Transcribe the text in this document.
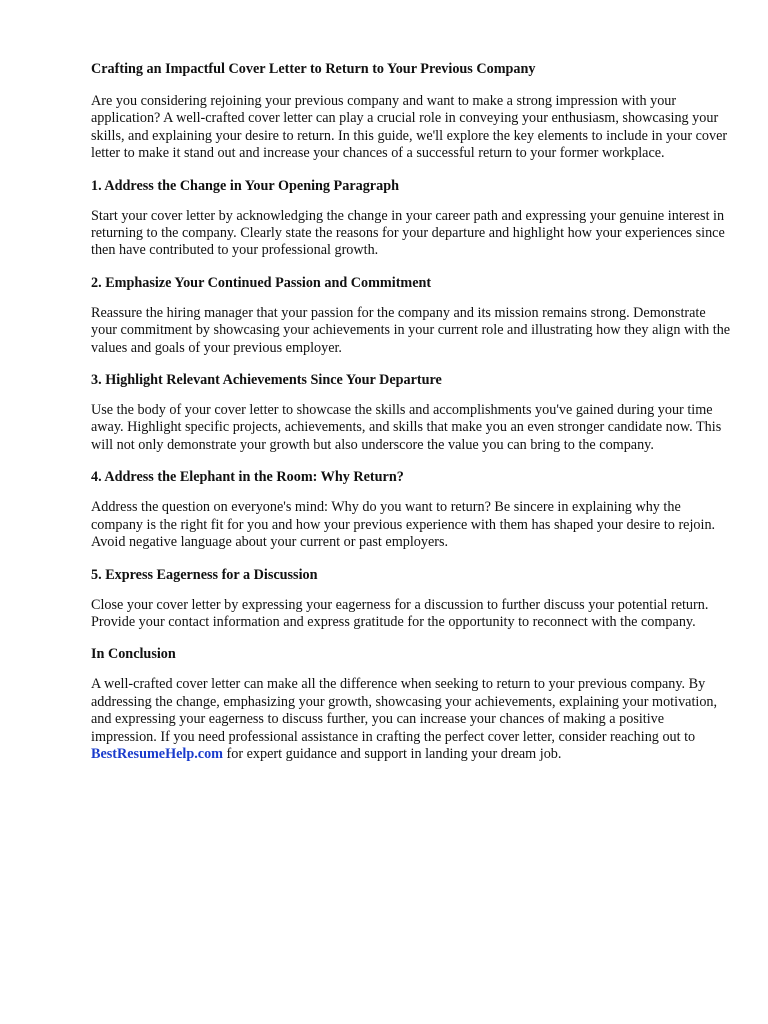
Crafting an Impactful Cover Letter to Return to Your Previous Company

Are you considering rejoining your previous company and want to make a strong impression with your application? A well-crafted cover letter can play a crucial role in conveying your enthusiasm, showcasing your skills, and explaining your desire to return. In this guide, we'll explore the key elements to include in your cover letter to make it stand out and increase your chances of a successful return to your former workplace.

1. Address the Change in Your Opening Paragraph

Start your cover letter by acknowledging the change in your career path and expressing your genuine interest in returning to the company. Clearly state the reasons for your departure and highlight how your experiences since then have contributed to your professional growth.

2. Emphasize Your Continued Passion and Commitment

Reassure the hiring manager that your passion for the company and its mission remains strong. Demonstrate your commitment by showcasing your achievements in your current role and illustrating how they align with the values and goals of your previous employer.

3. Highlight Relevant Achievements Since Your Departure

Use the body of your cover letter to showcase the skills and accomplishments you've gained during your time away. Highlight specific projects, achievements, and skills that make you an even stronger candidate now. This will not only demonstrate your growth but also underscore the value you can bring to the company.

4. Address the Elephant in the Room: Why Return?

Address the question on everyone's mind: Why do you want to return? Be sincere in explaining why the company is the right fit for you and how your previous experience with them has shaped your desire to rejoin. Avoid negative language about your current or past employers.

5. Express Eagerness for a Discussion

Close your cover letter by expressing your eagerness for a discussion to further discuss your potential return. Provide your contact information and express gratitude for the opportunity to reconnect with the company.

In Conclusion

A well-crafted cover letter can make all the difference when seeking to return to your previous company. By addressing the change, emphasizing your growth, showcasing your achievements, explaining your motivation, and expressing your eagerness to discuss further, you can increase your chances of making a positive impression. If you need professional assistance in crafting the perfect cover letter, consider reaching out to BestResumeHelp.com for expert guidance and support in landing your dream job.
